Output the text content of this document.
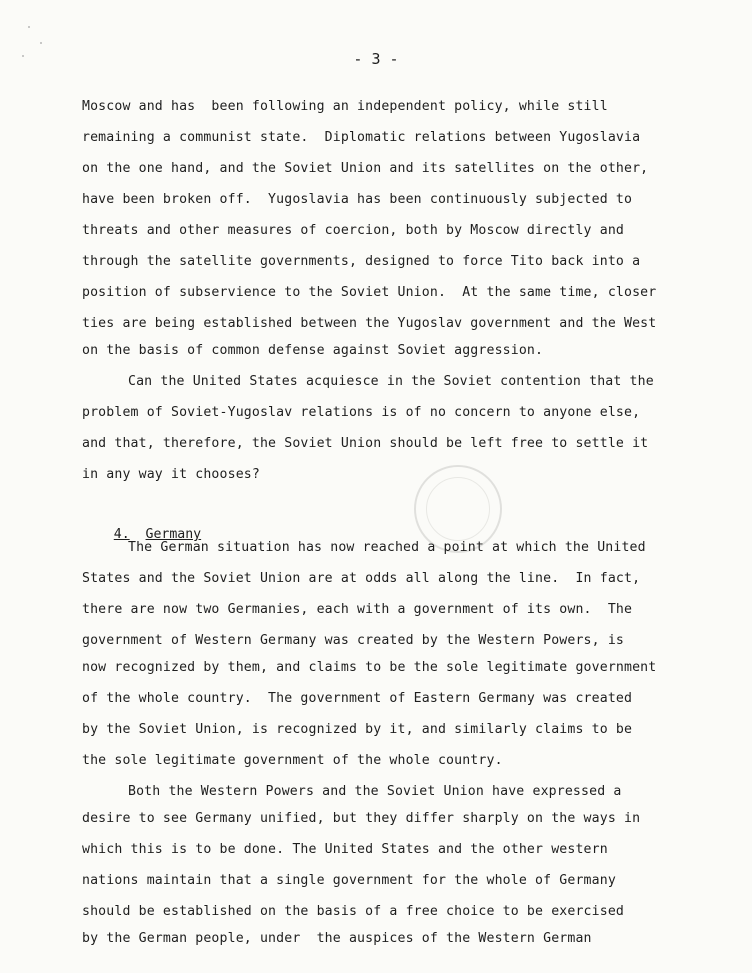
- 3 -
Moscow and has  been following an independent policy, while still
remaining a communist state.  Diplomatic relations between Yugoslavia
on the one hand, and the Soviet Union and its satellites on the other,
have been broken off.  Yugoslavia has been continuously subjected to
threats and other measures of coercion, both by Moscow directly and
through the satellite governments, designed to force Tito back into a
position of subservience to the Soviet Union.  At the same time, closer
ties are being established between the Yugoslav government and the West
on the basis of common defense against Soviet aggression.
Can the United States acquiesce in the Soviet contention that the
problem of Soviet-Yugoslav relations is of no concern to anyone else,
and that, therefore, the Soviet Union should be left free to settle it
in any way it chooses?

4. Germany

The German situation has now reached a point at which the United
States and the Soviet Union are at odds all along the line.  In fact,
there are now two Germanies, each with a government of its own.  The
government of Western Germany was created by the Western Powers, is
now recognized by them, and claims to be the sole legitimate government
of the whole country.  The government of Eastern Germany was created
by the Soviet Union, is recognized by it, and similarly claims to be
the sole legitimate government of the whole country.
Both the Western Powers and the Soviet Union have expressed a
desire to see Germany unified, but they differ sharply on the ways in
which this is to be done. The United States and the other western
nations maintain that a single government for the whole of Germany
should be established on the basis of a free choice to be exercised
by the German people, under  the auspices of the Western German
